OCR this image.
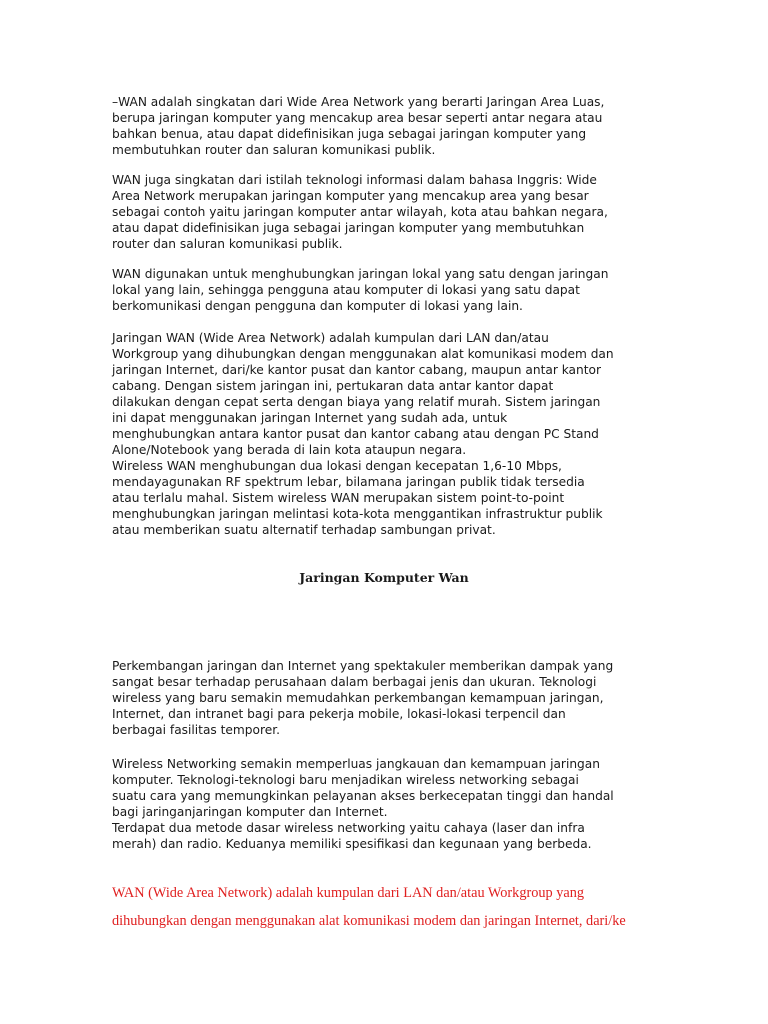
–WAN adalah singkatan dari Wide Area Network yang berarti Jaringan Area Luas,
berupa jaringan komputer yang mencakup area besar seperti antar negara atau
bahkan benua, atau dapat didefinisikan juga sebagai jaringan komputer yang
membutuhkan router dan saluran komunikasi publik.
WAN juga singkatan dari istilah teknologi informasi dalam bahasa Inggris: Wide
Area Network merupakan jaringan komputer yang mencakup area yang besar
sebagai contoh yaitu jaringan komputer antar wilayah, kota atau bahkan negara,
atau dapat didefinisikan juga sebagai jaringan komputer yang membutuhkan
router dan saluran komunikasi publik.
WAN digunakan untuk menghubungkan jaringan lokal yang satu dengan jaringan
lokal yang lain, sehingga pengguna atau komputer di lokasi yang satu dapat
berkomunikasi dengan pengguna dan komputer di lokasi yang lain.
Jaringan WAN (Wide Area Network) adalah kumpulan dari LAN dan/atau
Workgroup yang dihubungkan dengan menggunakan alat komunikasi modem dan
jaringan Internet, dari/ke kantor pusat dan kantor cabang, maupun antar kantor
cabang. Dengan sistem jaringan ini, pertukaran data antar kantor dapat
dilakukan dengan cepat serta dengan biaya yang relatif murah. Sistem jaringan
ini dapat menggunakan jaringan Internet yang sudah ada, untuk
menghubungkan antara kantor pusat dan kantor cabang atau dengan PC Stand
Alone/Notebook yang berada di lain kota ataupun negara.
Wireless WAN menghubungan dua lokasi dengan kecepatan 1,6-10 Mbps,
mendayagunakan RF spektrum lebar, bilamana jaringan publik tidak tersedia
atau terlalu mahal. Sistem wireless WAN merupakan sistem point-to-point
menghubungkan jaringan melintasi kota-kota menggantikan infrastruktur publik
atau memberikan suatu alternatif terhadap sambungan privat.
Jaringan Komputer Wan
Perkembangan jaringan dan Internet yang spektakuler memberikan dampak yang
sangat besar terhadap perusahaan dalam berbagai jenis dan ukuran. Teknologi
wireless yang baru semakin memudahkan perkembangan kemampuan jaringan,
Internet, dan intranet bagi para pekerja mobile, lokasi-lokasi terpencil dan
berbagai fasilitas temporer.
Wireless Networking semakin memperluas jangkauan dan kemampuan jaringan
komputer. Teknologi-teknologi baru menjadikan wireless networking sebagai
suatu cara yang memungkinkan pelayanan akses berkecepatan tinggi dan handal
bagi jaringanjaringan komputer dan Internet.
Terdapat dua metode dasar wireless networking yaitu cahaya (laser dan infra
merah) dan radio. Keduanya memiliki spesifikasi dan kegunaan yang berbeda.
WAN (Wide Area Network) adalah kumpulan dari LAN dan/atau Workgroup yang
dihubungkan dengan menggunakan alat komunikasi modem dan jaringan Internet, dari/ke
